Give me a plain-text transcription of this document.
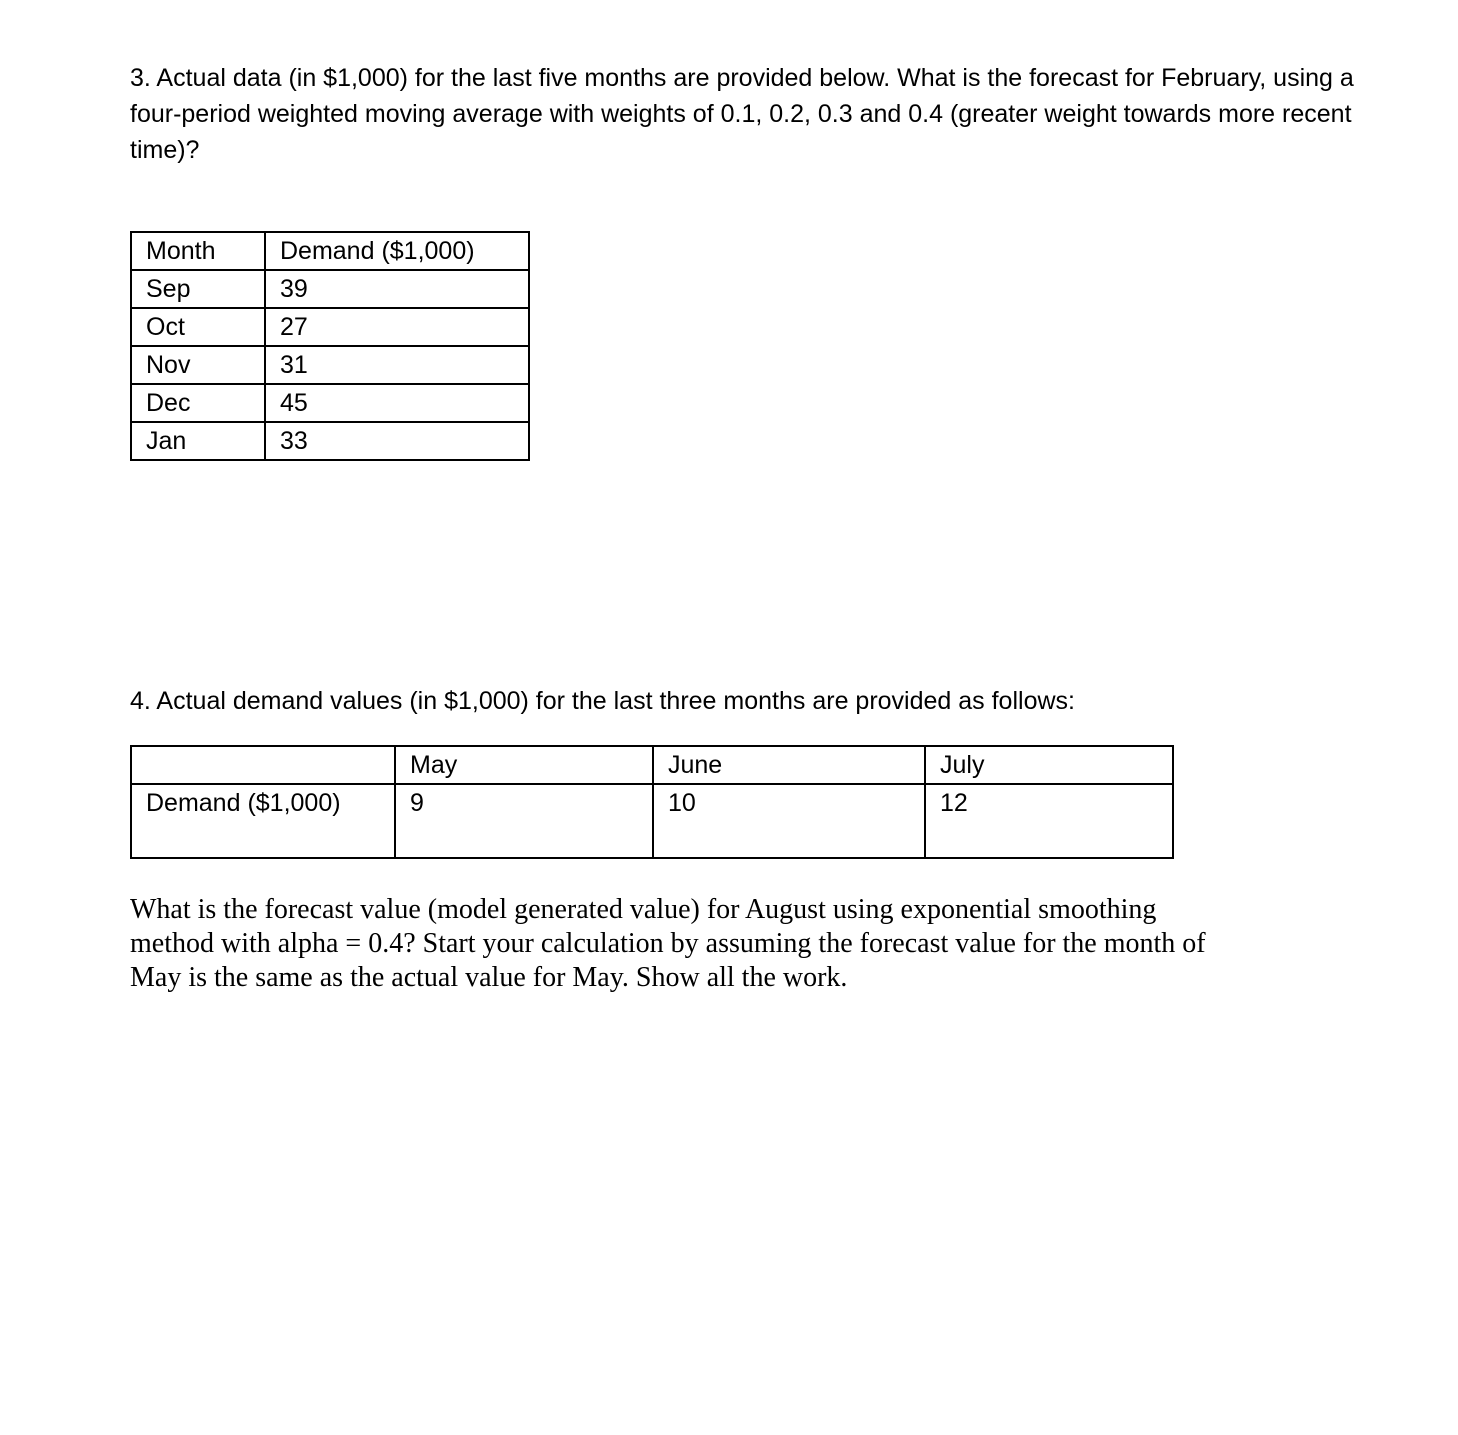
3. Actual data (in $1,000) for the last five months are provided below. What is the forecast for February, using a four-period weighted moving average with weights of 0.1, 0.2, 0.3 and 0.4 (greater weight towards more recent time)?

Month	Demand ($1,000)
Sep	39
Oct	27
Nov	31
Dec	45
Jan	33

4. Actual demand values (in $1,000) for the last three months are provided as follows:

	May	June	July
Demand ($1,000)	9	10	12

What is the forecast value (model generated value) for August using exponential smoothing method with alpha = 0.4? Start your calculation by assuming the forecast value for the month of May is the same as the actual value for May. Show all the work.
